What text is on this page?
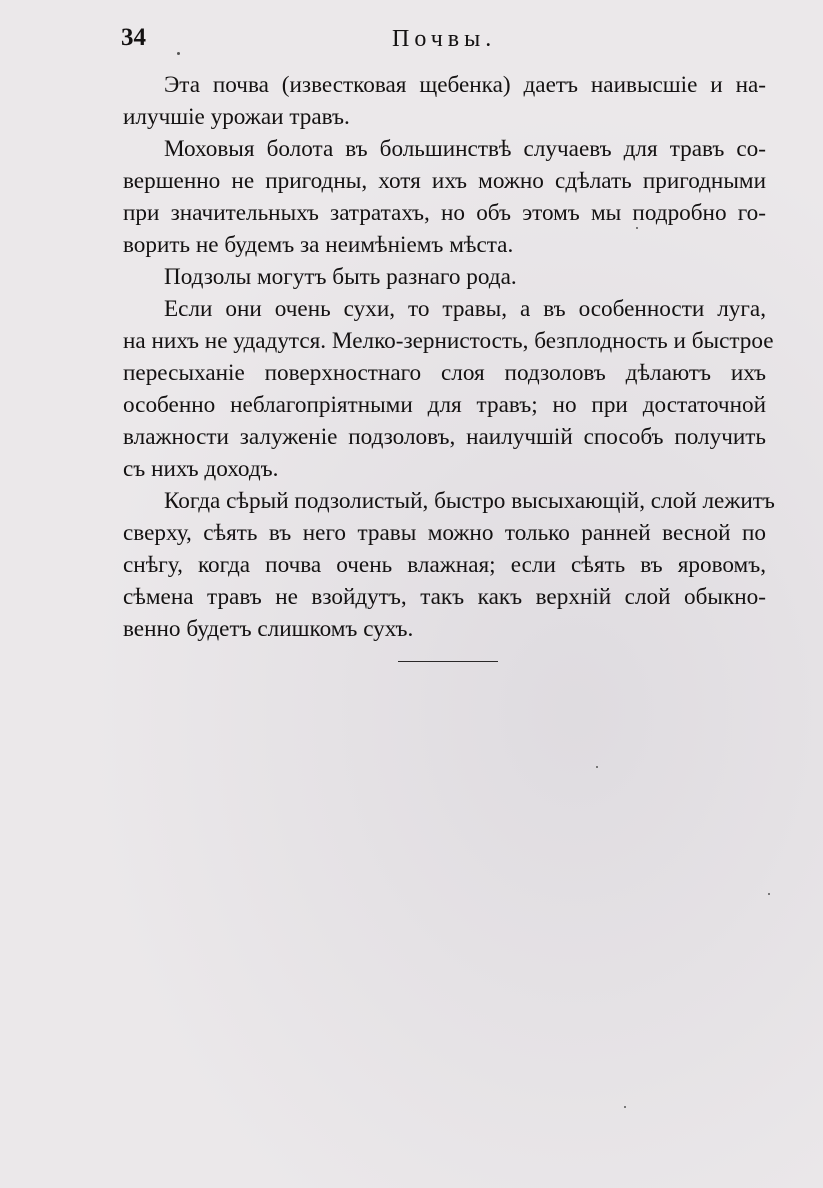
34	Почвы.
Эта почва (известковая щебенка) даетъ наивысшiе и на-
илучшiе урожаи травъ.
Моховыя болота въ большинствѣ случаевъ для травъ со-
вершенно не пригодны, хотя ихъ можно сдѣлать пригодными
при значительныхъ затратахъ, но объ этомъ мы подробно го-
ворить не будемъ за неимѣнiемъ мѣста.
Подзолы могутъ быть разнаго рода.
Если они очень сухи, то травы, а въ особенности луга,
на нихъ не удадутся. Мелко-зернистость, безплодность и быстрое
пересыханiе поверхностнаго слоя подзоловъ дѣлаютъ ихъ
особенно неблагопрiятными для травъ; но при достаточной
влажности залуженiе подзоловъ, наилучшiй способъ получить
съ нихъ доходъ.
Когда сѣрый подзолистый, быстро высыхающiй, слой лежитъ
сверху, сѣять въ него травы можно только ранней весной по
снѣгу, когда почва очень влажная; если сѣять въ яровомъ,
сѣмена травъ не взойдутъ, такъ какъ верхнiй слой обыкно-
венно будетъ слишкомъ сухъ.
